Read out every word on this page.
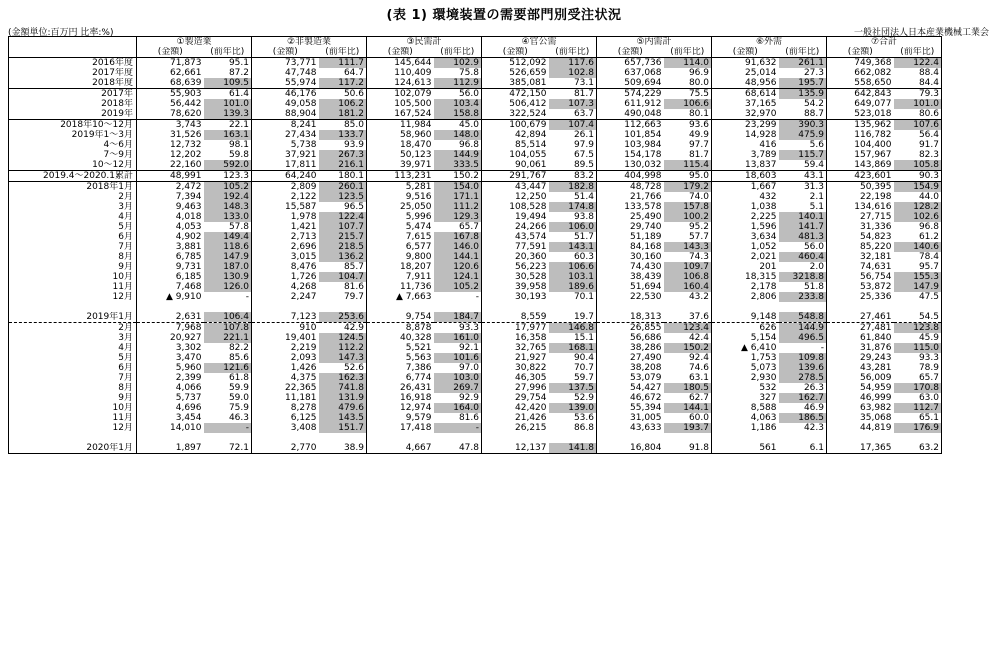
(表 1) 環境装置の需要部門別受注状況
(金額単位:百万円 比率:%)	一般社団法人日本産業機械工業会
	①製造業		②非製造業		③民需計		④官公需		⑤内需計		⑥外需		⑦合計	
	(金額)	(前年比)	(金額)	(前年比)	(金額)	(前年比)	(金額)	(前年比)	(金額)	(前年比)	(金額)	(前年比)	(金額)	(前年比)
2016年度	71,873	95.1	73,771	111.7	145,644	102.9	512,092	117.6	657,736	114.0	91,632	261.1	749,368	122.4
2017年度	62,661	87.2	47,748	64.7	110,409	75.8	526,659	102.8	637,068	96.9	25,014	27.3	662,082	88.4
2018年度	68,639	109.5	55,974	117.2	124,613	112.9	385,081	73.1	509,694	80.0	48,956	195.7	558,650	84.4
2017年	55,903	61.4	46,176	50.6	102,079	56.0	472,150	81.7	574,229	75.5	68,614	135.9	642,843	79.3
2018年	56,442	101.0	49,058	106.2	105,500	103.4	506,412	107.3	611,912	106.6	37,165	54.2	649,077	101.0
2019年	78,620	139.3	88,904	181.2	167,524	158.8	322,524	63.7	490,048	80.1	32,970	88.7	523,018	80.6
2018年10～12月	3,743	22.1	8,241	85.0	11,984	45.0	100,679	107.4	112,663	93.6	23,299	390.3	135,962	107.6
2019年1～3月	31,526	163.1	27,434	133.7	58,960	148.0	42,894	26.1	101,854	49.9	14,928	475.9	116,782	56.4
4～6月	12,732	98.1	5,738	93.9	18,470	96.8	85,514	97.9	103,984	97.7	416	5.6	104,400	91.7
7～9月	12,202	59.8	37,921	267.3	50,123	144.9	104,055	67.5	154,178	81.7	3,789	115.7	157,967	82.3
10～12月	22,160	592.0	17,811	216.1	39,971	333.5	90,061	89.5	130,032	115.4	13,837	59.4	143,869	105.8
2019.4～2020.1累計	48,991	123.3	64,240	180.1	113,231	150.2	291,767	83.2	404,998	95.0	18,603	43.1	423,601	90.3
2018年1月	2,472	105.2	2,809	260.1	5,281	154.0	43,447	182.8	48,728	179.2	1,667	31.3	50,395	154.9
2月	7,394	192.4	2,122	123.5	9,516	171.1	12,250	51.4	21,766	74.0	432	2.1	22,198	44.0
3月	9,463	148.3	15,587	96.5	25,050	111.2	108,528	174.8	133,578	157.8	1,038	5.1	134,616	128.2
4月	4,018	133.0	1,978	122.4	5,996	129.3	19,494	93.8	25,490	100.2	2,225	140.1	27,715	102.6
5月	4,053	57.8	1,421	107.7	5,474	65.7	24,266	106.0	29,740	95.2	1,596	141.7	31,336	96.8
6月	4,902	149.4	2,713	215.7	7,615	167.8	43,574	51.7	51,189	57.7	3,634	481.3	54,823	61.2
7月	3,881	118.6	2,696	218.5	6,577	146.0	77,591	143.1	84,168	143.3	1,052	56.0	85,220	140.6
8月	6,785	147.9	3,015	136.2	9,800	144.1	20,360	60.3	30,160	74.3	2,021	460.4	32,181	78.4
9月	9,731	187.0	8,476	85.7	18,207	120.6	56,223	106.6	74,430	109.7	201	2.0	74,631	95.7
10月	6,185	130.9	1,726	104.7	7,911	124.1	30,528	103.1	38,439	106.8	18,315	3218.8	56,754	155.3
11月	7,468	126.0	4,268	81.6	11,736	105.2	39,958	189.6	51,694	160.4	2,178	51.8	53,872	147.9
12月	▲ 9,910	-	2,247	79.7	▲ 7,663	-	30,193	70.1	22,530	43.2	2,806	233.8	25,336	47.5

2019年1月	2,631	106.4	7,123	253.6	9,754	184.7	8,559	19.7	18,313	37.6	9,148	548.8	27,461	54.5
2月	7,968	107.8	910	42.9	8,878	93.3	17,977	146.8	26,855	123.4	626	144.9	27,481	123.8
3月	20,927	221.1	19,401	124.5	40,328	161.0	16,358	15.1	56,686	42.4	5,154	496.5	61,840	45.9
4月	3,302	82.2	2,219	112.2	5,521	92.1	32,765	168.1	38,286	150.2	▲ 6,410	-	31,876	115.0
5月	3,470	85.6	2,093	147.3	5,563	101.6	21,927	90.4	27,490	92.4	1,753	109.8	29,243	93.3
6月	5,960	121.6	1,426	52.6	7,386	97.0	30,822	70.7	38,208	74.6	5,073	139.6	43,281	78.9
7月	2,399	61.8	4,375	162.3	6,774	103.0	46,305	59.7	53,079	63.1	2,930	278.5	56,009	65.7
8月	4,066	59.9	22,365	741.8	26,431	269.7	27,996	137.5	54,427	180.5	532	26.3	54,959	170.8
9月	5,737	59.0	11,181	131.9	16,918	92.9	29,754	52.9	46,672	62.7	327	162.7	46,999	63.0
10月	4,696	75.9	8,278	479.6	12,974	164.0	42,420	139.0	55,394	144.1	8,588	46.9	63,982	112.7
11月	3,454	46.3	6,125	143.5	9,579	81.6	21,426	53.6	31,005	60.0	4,063	186.5	35,068	65.1
12月	14,010	-	3,408	151.7	17,418	-	26,215	86.8	43,633	193.7	1,186	42.3	44,819	176.9

2020年1月	1,897	72.1	2,770	38.9	4,667	47.8	12,137	141.8	16,804	91.8	561	6.1	17,365	63.2
